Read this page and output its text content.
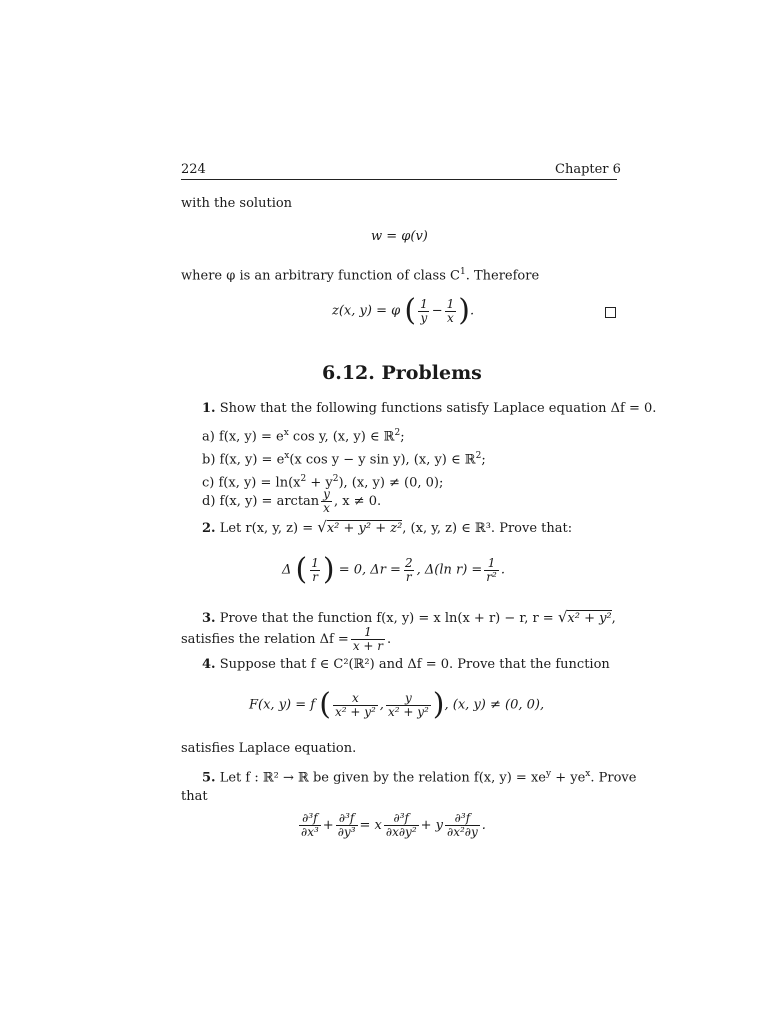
224	Chapter 6
with the solution
w = φ(v)
where φ is an arbitrary function of class $C^1$. Therefore
z(x, y) = φ ( $\frac{1}{y} - \frac{1}{x}$ ).
6.12. Problems
1. Show that the following functions satisfy Laplace equation Δf = 0.
a) f(x, $y) = e^x$ cos y, (x, y) ∈ ℝ$^2$;
b) f(x, $y) = e^x(x$ cos y − y sin y), (x, y) ∈ ℝ$^2$;
c) f(x, $y) = \ln(x^2 + y^2)$, (x, y) ≠ (0, 0);
d) f(x, $y) = \arctan \frac{y}{x}$ , x ≠ 0.
2. Let r(x, y, z) = √x² + y² + z², (x, y, z) ∈ ℝ³. Prove that:
Δ ( $\frac{1}{r}$ ) = 0, $\Delta r = \frac{2}{r}$ , Δ(ln $r) = \frac{1}{\text{r²}}$ .
3. Prove that the function f(x, y) = x ln(x + r) − r, r = √x² + y²,
satisfies the relation $\Delta f = \frac{1}{x + r}$ .
4. Suppose that f ∈ C²(ℝ²) and Δf = 0. Prove that the function
F(x, y) = f ( $\frac{x}{\text{x² + y²}}$ , $\frac{y}{\text{x² + y²}}$ ), (x, y) ≠ (0, 0),
satisfies Laplace equation.
5. Let f : ℝ² → ℝ be given by the relation f(x, $y) = xe^y + ye^x$. Prove
that
$\frac{\text{∂³f}}{\text{∂x³}} + \frac{\text{∂³f}}{\text{∂y³}} = x \frac{\text{∂³f}}{\text{∂x∂y²}} + y \frac{\text{∂³f}}{\text{∂x²∂y}}$ .
